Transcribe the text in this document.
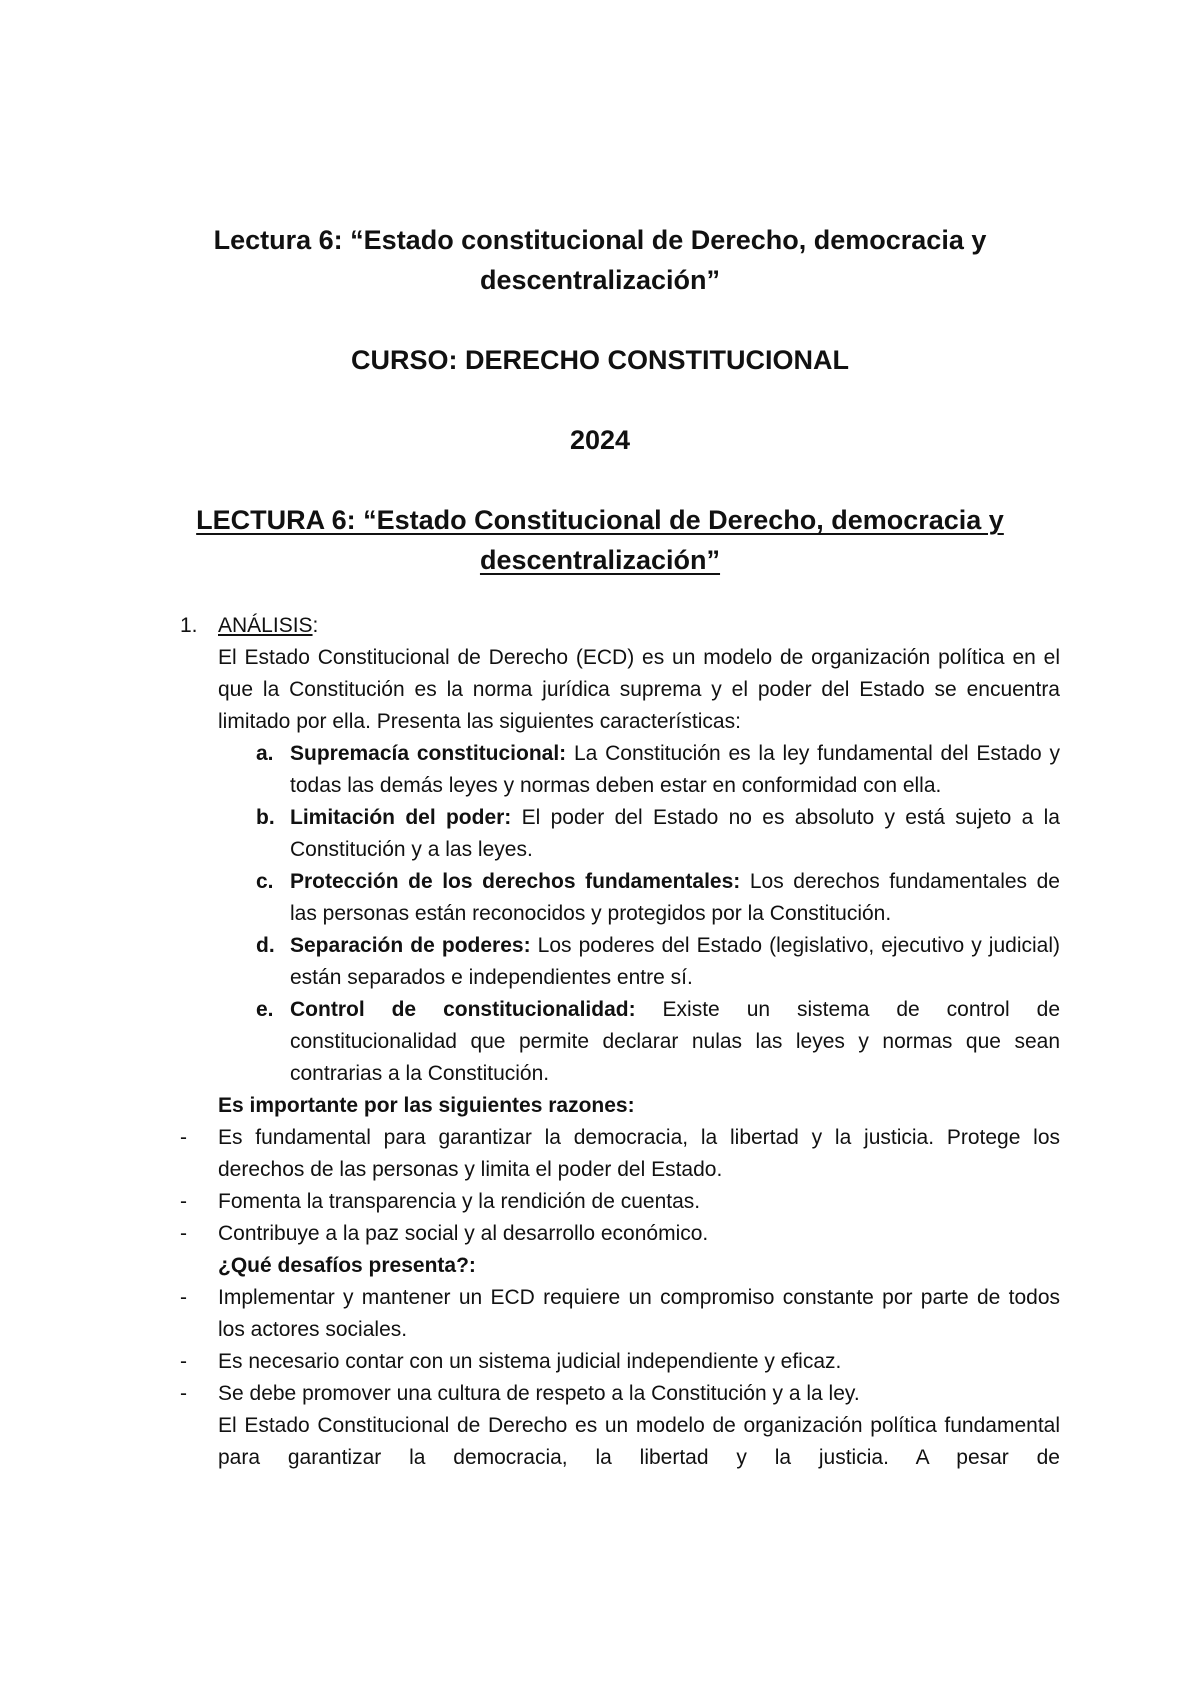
Lectura 6: “Estado constitucional de Derecho, democracia y descentralización”
CURSO: DERECHO CONSTITUCIONAL
2024
LECTURA 6: “Estado Constitucional de Derecho, democracia y descentralización”
1. ANÁLISIS:
El Estado Constitucional de Derecho (ECD) es un modelo de organización política en el que la Constitución es la norma jurídica suprema y el poder del Estado se encuentra limitado por ella. Presenta las siguientes características:
a. Supremacía constitucional: La Constitución es la ley fundamental del Estado y todas las demás leyes y normas deben estar en conformidad con ella.
b. Limitación del poder: El poder del Estado no es absoluto y está sujeto a la Constitución y a las leyes.
c. Protección de los derechos fundamentales: Los derechos fundamentales de las personas están reconocidos y protegidos por la Constitución.
d. Separación de poderes: Los poderes del Estado (legislativo, ejecutivo y judicial) están separados e independientes entre sí.
e. Control de constitucionalidad: Existe un sistema de control de constitucionalidad que permite declarar nulas las leyes y normas que sean contrarias a la Constitución.
Es importante por las siguientes razones:
- Es fundamental para garantizar la democracia, la libertad y la justicia. Protege los derechos de las personas y limita el poder del Estado.
- Fomenta la transparencia y la rendición de cuentas.
- Contribuye a la paz social y al desarrollo económico.
¿Qué desafíos presenta?:
- Implementar y mantener un ECD requiere un compromiso constante por parte de todos los actores sociales.
- Es necesario contar con un sistema judicial independiente y eficaz.
- Se debe promover una cultura de respeto a la Constitución y a la ley.
El Estado Constitucional de Derecho es un modelo de organización política fundamental para garantizar la democracia, la libertad y la justicia. A pesar de
